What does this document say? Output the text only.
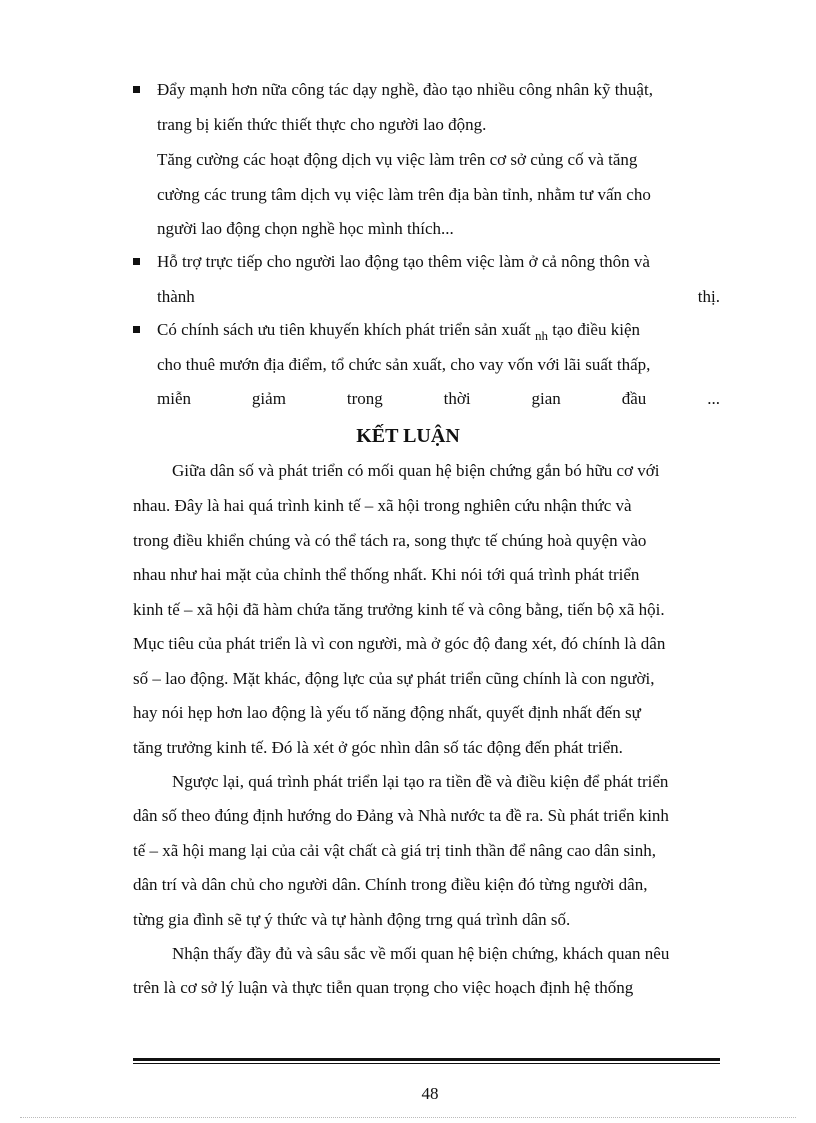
Đẩy mạnh hơn nữa công tác dạy nghề, đào tạo nhiều công nhân kỹ thuật,
trang bị kiến thức thiết thực cho người lao động.
Tăng cường các hoạt động dịch vụ việc làm trên cơ sở củng cố và tăng
cường các trung tâm dịch vụ việc làm trên địa bàn tỉnh, nhằm tư vấn cho
người lao động chọn nghề học mình thích...
Hỗ trợ trực tiếp cho người lao động tạo thêm việc làm ở cả nông thôn và
thành	thị.
Có chính sách ưu tiên khuyến khích phát triển sản xuất $_{nh}$ tạo điều kiện
cho thuê mướn địa điểm, tổ chức sản xuất, cho vay vốn với lãi suất thấp,
miễn	giảm	trong	thời	gian	đầu	...
KẾT LUẬN
Giữa dân số và phát triển có mối quan hệ biện chứng gắn bó hữu cơ với
nhau. Đây là hai quá trình kinh tế – xã hội trong nghiên cứu nhận thức và
trong điều khiển chúng và có thể tách ra, song thực tế chúng hoà quyện vào
nhau như hai mặt của chỉnh thể thống nhất. Khi nói tới quá trình phát triển
kinh tế – xã hội đã hàm chứa tăng trưởng kinh tế và công bằng, tiến bộ xã hội.
Mục tiêu của phát triển là vì con người, mà ở góc độ đang xét, đó chính là dân
số – lao động. Mặt khác, động lực của sự phát triển cũng chính là con người,
hay nói hẹp hơn lao động là yếu tố năng động nhất, quyết định nhất đến sự
tăng trưởng kinh tế. Đó là xét ở góc nhìn dân số tác động đến phát triển.
Ngược lại, quá trình phát triển lại tạo ra tiền đề và điều kiện để phát triển
dân số theo đúng định hướng do Đảng và Nhà nước ta đề ra. Sù phát triển kinh
tế – xã hội mang lại của cải vật chất cà giá trị tinh thần để nâng cao dân sinh,
dân trí và dân chủ cho người dân. Chính trong điều kiện đó từng người dân,
từng gia đình sẽ tự ý thức và tự hành động trng quá trình dân số.
Nhận thấy đầy đủ và sâu sắc về mối quan hệ biện chứng, khách quan nêu
trên là cơ sở lý luận và thực tiễn quan trọng cho việc hoạch định hệ thống
48
